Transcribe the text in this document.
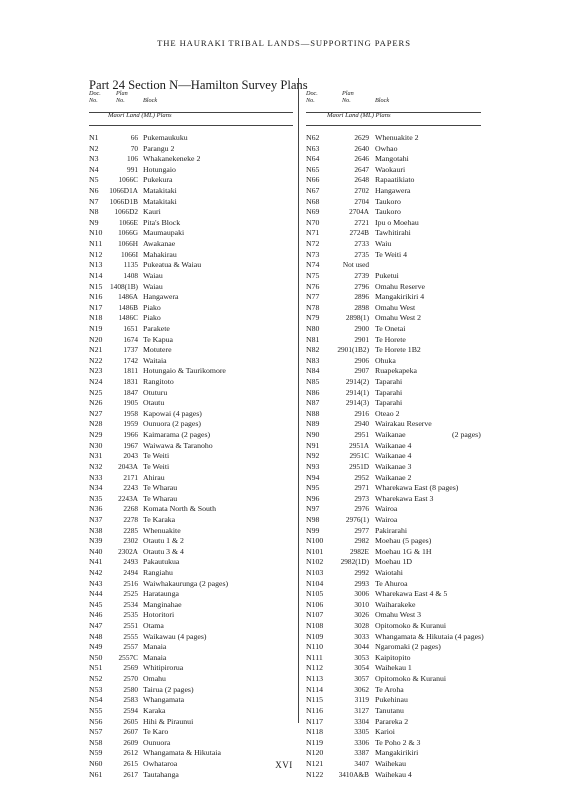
THE HAURAKI TRIBAL LANDS—SUPPORTING PAPERS
Part 24 Section N—Hamilton Survey Plans
Doc.
No.
Plan
No.	Block
Maori Land (ML) Plans
N1	66 Pukemaukuku
N2	70 Parangu 2
N3	106 Whakanekeneke 2
N4	991 Hotungaio
N5	1066C Pukekura
N6 1066D1A Matakitaki
N7 1066D1B Matakitaki
N8 1066D2 Kauri
N9	1066E Pita's Block
N10 1066G Maumaupaki
N11 1066H Awakanae
N12	1066I Mahakirau
N13	1135 Pukeatua & Waiau
N14	1408 Waiau
N15 1408(1B) Waiau
N16 1486A Hangawera
N17 1486B Piako
N18 1486C Piako
N19	1651 Parakete
N20	1674 Te Kapua
N21	1737 Motutere
N22	1742 Waitaia
N23	1811 Hotungaio & Taurikomore
N24	1831 Rangitoto
N25	1847 Otuturu
N26	1905 Otautu
N27	1958 Kapowai (4 pages)
N28	1959 Ounuora (2 pages)
N29	1966 Kaimarama (2 pages)
N30	1967 Waiwawa & Taranoho
N31	2043 Te Weiti
N32 2043A Te Weiti
N33	2171 Ahirau
N34	2243 Te Wharau
N35 2243A Te Wharau
N36	2268 Komata North & South
N37	2278 Te Karaka
N38	2285 Whenuakite
N39	2302 Otautu 1 & 2
N40 2302A Otautu 3 & 4
N41	2493 Pakautukua
N42	2494 Rangiahu
N43	2516 Waiwhakaurunga (2 pages)
N44	2525 Harataunga
N45	2534 Manginahae
N46	2535 Hotoritori
N47	2551 Otama
N48	2555 Waikawau (4 pages)
N49	2557 Manaia
N50 2557C Manaia
N51	2569 Whitipirorua
N52	2570 Omahu
N53	2580 Tairua (2 pages)
N54	2583 Whangamata
N55	2594 Karaka
N56	2605 Hihi & Piraunui
N57	2607 Te Karo
N58	2609 Ounuora
N59	2612 Whangamata & Hikutaia
N60	2615 Owhataroa
N61	2617 Tautahanga
Doc.
No.
Plan
No.	Block
Maori Land (ML) Plans
N62	2629 Whenuakite 2
N63	2640 Owhao
N64	2646 Mangotahi
N65	2647 Waokauri
N66	2648 Rapaatikiato
N67	2702 Hangawera
N68	2704 Taukoro
N69	2704A Taukoro
N70	2721 Ipu o Moehau
N71	2724B Tawhitirahi
N72	2733 Waiu
N73	2735 Te Weiti 4
N74	Not used
N75	2739 Puketui
N76	2796 Omahu Reserve
N77	2896 Mangakirikiri 4
N78	2898 Omahu West
N79	2898(1) Omahu West 2
N80	2900 Te Onetai
N81	2901 Te Horete
N82 2901(1B2) Te Horete 1B2
N83	2906 Ohuka
N84	2907 Ruapekapeka
N85	2914(2) Taparahi
N86	2914(1) Taparahi
N87	2914(3) Taparahi
N88	2916 Oteao 2
N89	2940 Wairakau Reserve
N90	2951 Waikanae	(2 pages)
N91	2951A Waikanae 4
N92	2951C Waikanae 4
N93	2951D Waikanae 3
N94	2952 Waikanae 2
N95	2971 Wharekawa East (8 pages)
N96	2973 Wharekawa East 3
N97	2976 Wairoa
N98	2976(1) Wairoa
N99	2977 Pakirarahi
N100	2982 Moehau (5 pages)
N101	2982E Moehau 1G & 1H
N102 2982(1D) Moehau 1D
N103	2992 Waiotahi
N104	2993 Te Ahuroa
N105	3006 Wharekawa East 4 & 5
N106	3010 Waiharakeke
N107	3026 Omahu West 3
N108	3028 Opitomoko & Kuranui
N109	3033 Whangamata & Hikutaia (4 pages)
N110	3044 Ngaromaki (2 pages)
N111	3053 Kaipitopito
N112	3054 Waihekau 1
N113	3057 Opitomoko & Kuranui
N114	3062 Te Aroha
N115	3119 Pukehinau
N116	3127 Tanutanu
N117	3304 Parareka 2
N118	3305 Karioi
N119	3306 Te Poho 2 & 3
N120	3387 Mangakirikiri
N121	3407 Waihekau
N122 3410A&B Waihekau 4
XVI
